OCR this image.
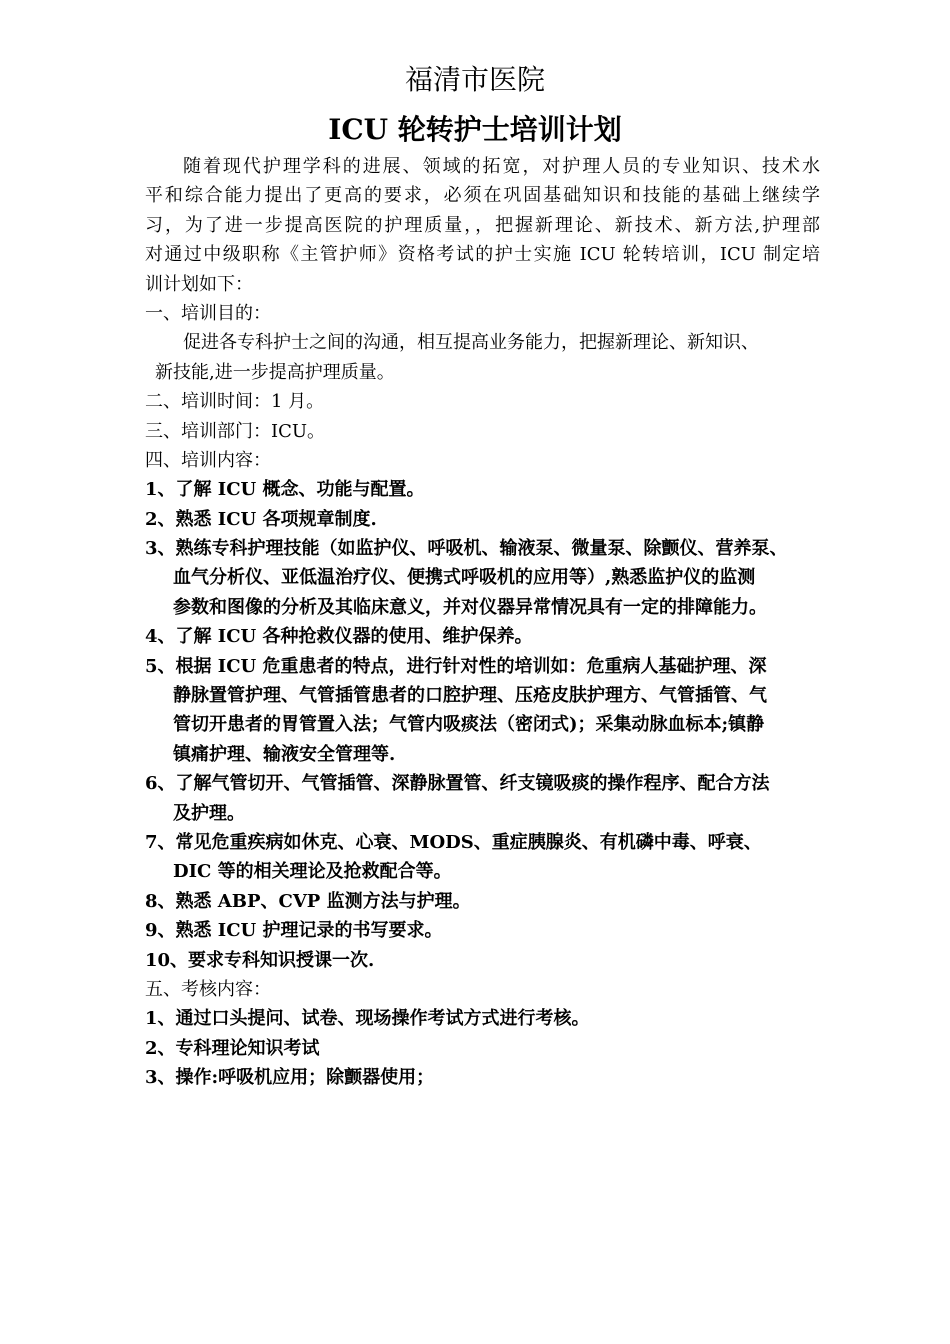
福清市医院
ICU 轮转护士培训计划
随着现代护理学科的进展、领域的拓宽，对护理人员的专业知识、技术水
平和综合能力提出了更高的要求，必须在巩固基础知识和技能的基础上继续学
习，为了进一步提高医院的护理质量，，把握新理论、新技术、新方法,护理部
对通过中级职称《主管护师》资格考试的护士实施 ICU 轮转培训，ICU 制定培
训计划如下：
一、培训目的：
促进各专科护士之间的沟通，相互提高业务能力，把握新理论、新知识、
新技能,进一步提高护理质量。
二、培训时间：1 月。
三、培训部门：ICU。
四、培训内容：
1、了解 ICU 概念、功能与配置。
2、熟悉 ICU 各项规章制度.
3、熟练专科护理技能（如监护仪、呼吸机、输液泵、微量泵、除颤仪、营养泵、
血气分析仪、亚低温治疗仪、便携式呼吸机的应用等）,熟悉监护仪的监测
参数和图像的分析及其临床意义，并对仪器异常情况具有一定的排障能力。
4、了解 ICU 各种抢救仪器的使用、维护保养。
5、根据 ICU 危重患者的特点，进行针对性的培训如：危重病人基础护理、深
静脉置管护理、气管插管患者的口腔护理、压疮皮肤护理方、气管插管、气
管切开患者的胃管置入法；气管内吸痰法（密闭式)；采集动脉血标本;镇静
镇痛护理、输液安全管理等.
6、了解气管切开、气管插管、深静脉置管、纤支镜吸痰的操作程序、配合方法
及护理。
7、常见危重疾病如休克、心衰、MODS、重症胰腺炎、有机磷中毒、呼衰、
DIC 等的相关理论及抢救配合等。
8、熟悉 ABP、CVP 监测方法与护理。
9、熟悉 ICU 护理记录的书写要求。
10、要求专科知识授课一次.
五、考核内容：
1、通过口头提问、试卷、现场操作考试方式进行考核。
2、专科理论知识考试
3、操作:呼吸机应用；除颤器使用；
